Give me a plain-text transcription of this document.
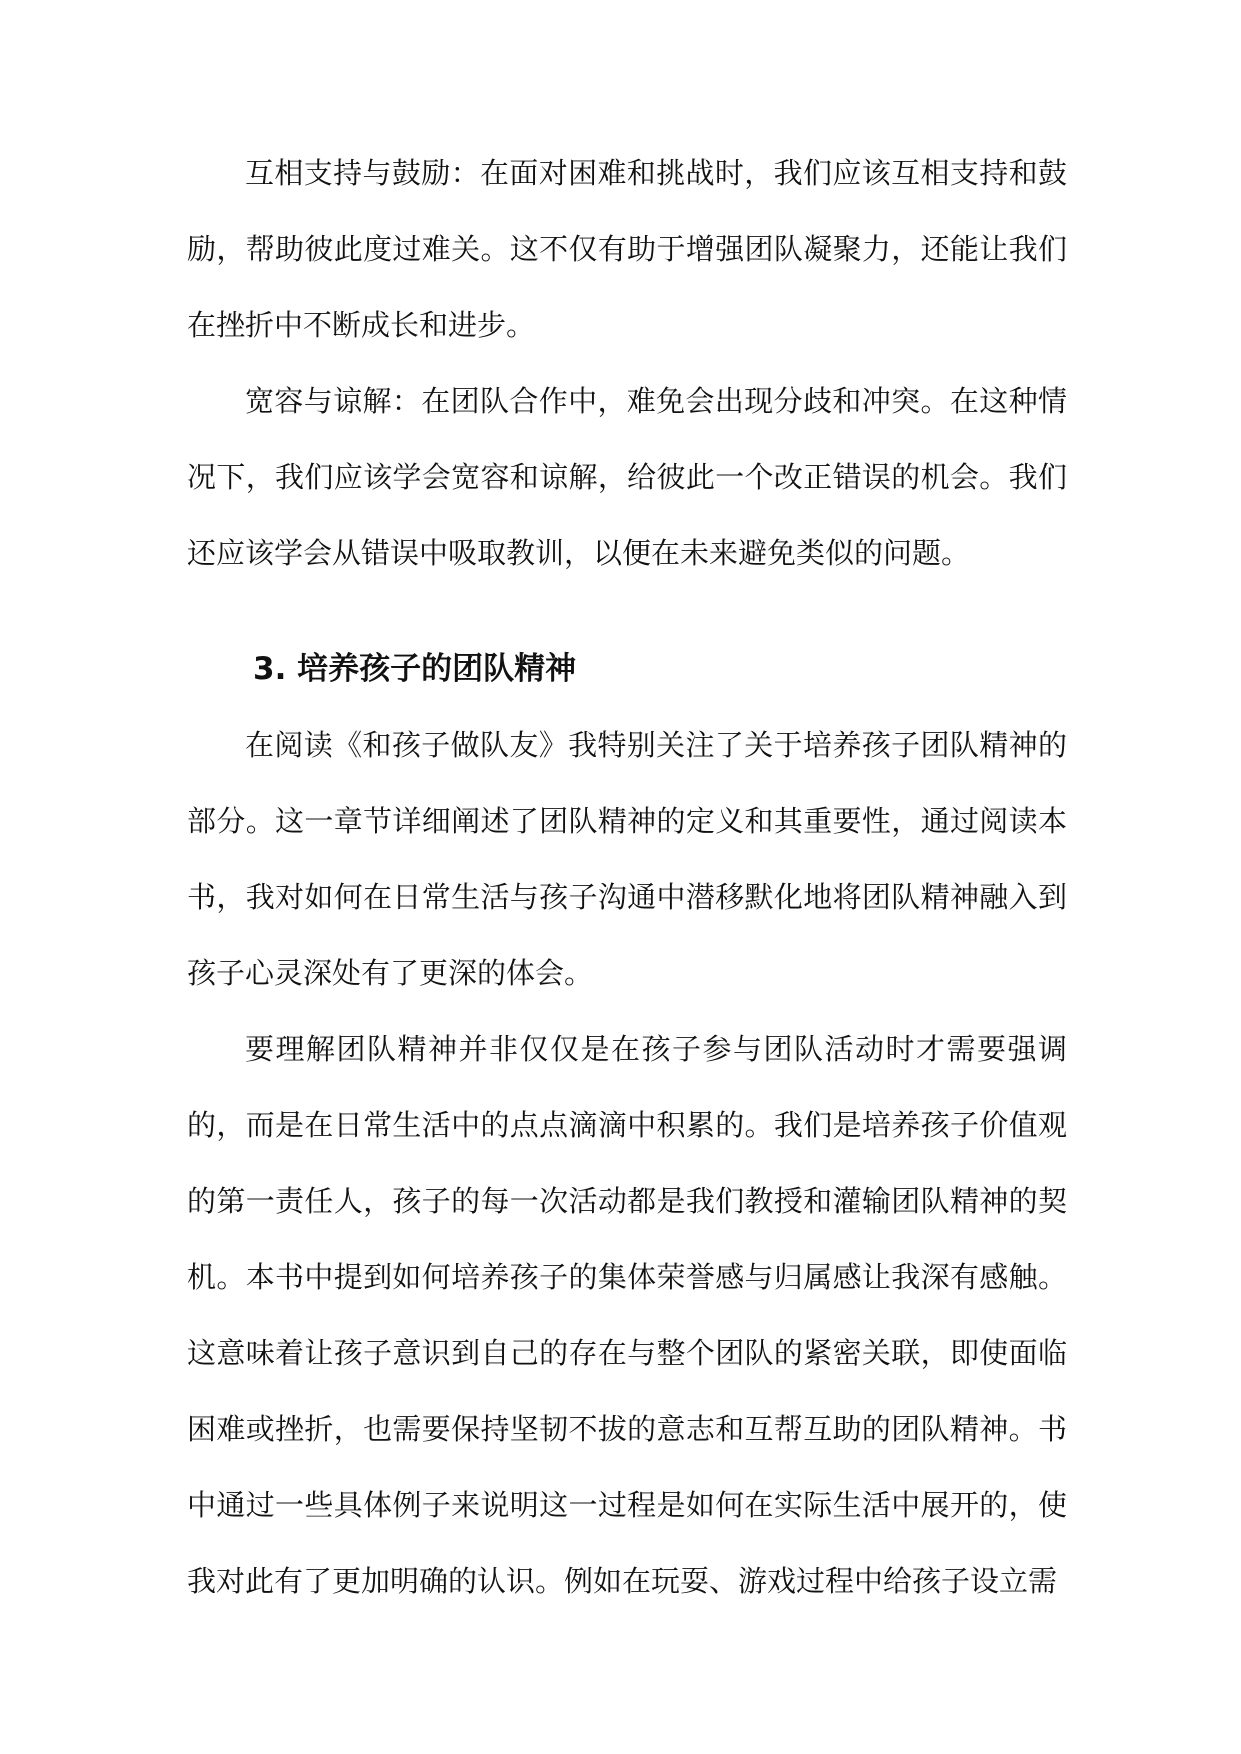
互相支持与鼓励：在面对困难和挑战时，我们应该互相支持和鼓励，帮助彼此度过难关。这不仅有助于增强团队凝聚力，还能让我们在挫折中不断成长和进步。

宽容与谅解：在团队合作中，难免会出现分歧和冲突。在这种情况下，我们应该学会宽容和谅解，给彼此一个改正错误的机会。我们还应该学会从错误中吸取教训，以便在未来避免类似的问题。

3. 培养孩子的团队精神

在阅读《和孩子做队友》我特别关注了关于培养孩子团队精神的部分。这一章节详细阐述了团队精神的定义和其重要性，通过阅读本书，我对如何在日常生活与孩子沟通中潜移默化地将团队精神融入到孩子心灵深处有了更深的体会。

要理解团队精神并非仅仅是在孩子参与团队活动时才需要强调的，而是在日常生活中的点点滴滴中积累的。我们是培养孩子价值观的第一责任人，孩子的每一次活动都是我们教授和灌输团队精神的契机。本书中提到如何培养孩子的集体荣誉感与归属感让我深有感触。这意味着让孩子意识到自己的存在与整个团队的紧密关联，即使面临困难或挫折，也需要保持坚韧不拔的意志和互帮互助的团队精神。书中通过一些具体例子来说明这一过程是如何在实际生活中展开的，使我对此有了更加明确的认识。例如在玩耍、游戏过程中给孩子设立需
